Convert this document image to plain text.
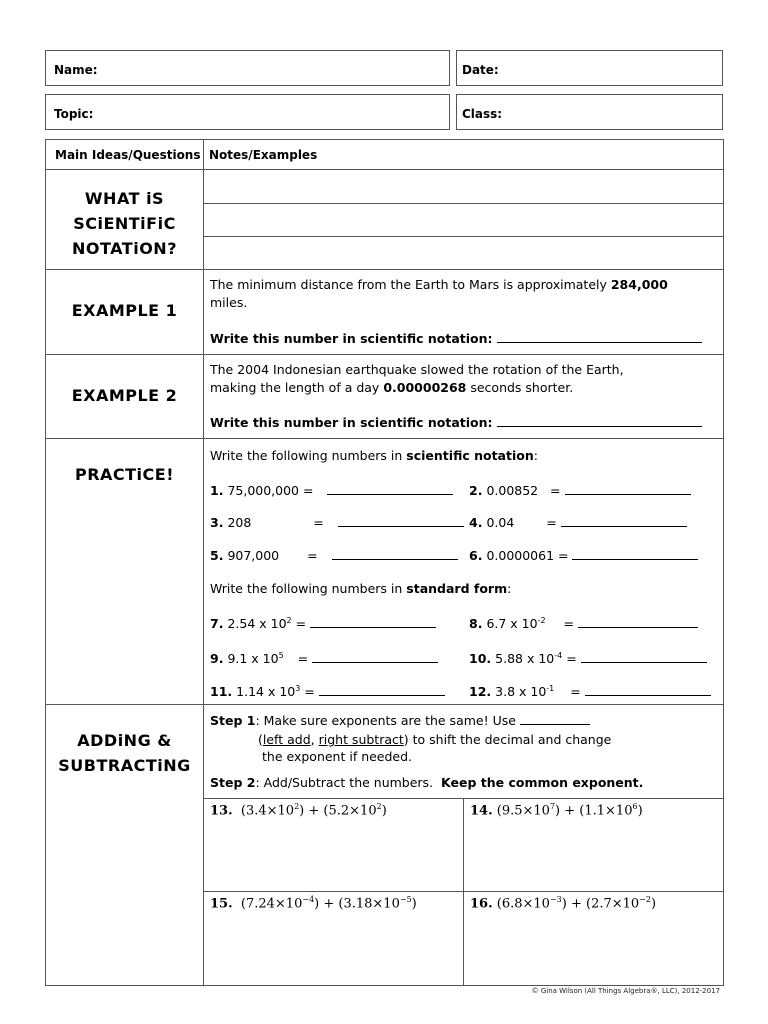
Name:	Date:
Topic:	Class:
Main Ideas/Questions Notes/Examples
WHAT iS
SCiENTiFiC
NOTATiON?
EXAMPLE 1
The minimum distance from the Earth to Mars is approximately 284,000
miles.
Write this number in scientific notation:
EXAMPLE 2
The 2004 Indonesian earthquake slowed the rotation of the Earth,
making the length of a day 0.00000268 seconds shorter.
Write this number in scientific notation:
PRACTiCE!
Write the following numbers in scientific notation:
1. 75,000,000 =	2. 0.00852   =
3. 208	=	4. 0.04	=
5. 907,000 =	6. 0.0000061 =
Write the following numbers in standard form:
7. 2.54 x $10^2$ =	8. 6.7 x $10^{-2}$ =
9. 9.1 x $10^5$ =	10. 5.88 x $10^{-4}$ =
11. 1.14 x $10^3$ =	12. 3.8 x $10^{-1}$ =
ADDiNG &
SUBTRACTiNG
Step 1: Make sure exponents are the same! Use
(left add, right subtract) to shift the decimal and change
the exponent if needed.
Step 2: Add/Subtract the numbers. Keep the common exponent.
13.  $(3.4\times 10^2) + (5.2\times 10^2)$	14. $(9.5\times 10^7) + (1.1\times 10^6)$
15.  $(7.24\times 10^{-4}) + (3.18\times 10^{-5})$	16. $(6.8\times 10^{-3}) + (2.7\times 10^{-2})$
© Gina Wilson (All Things Algebra®, LLC), 2012-2017
